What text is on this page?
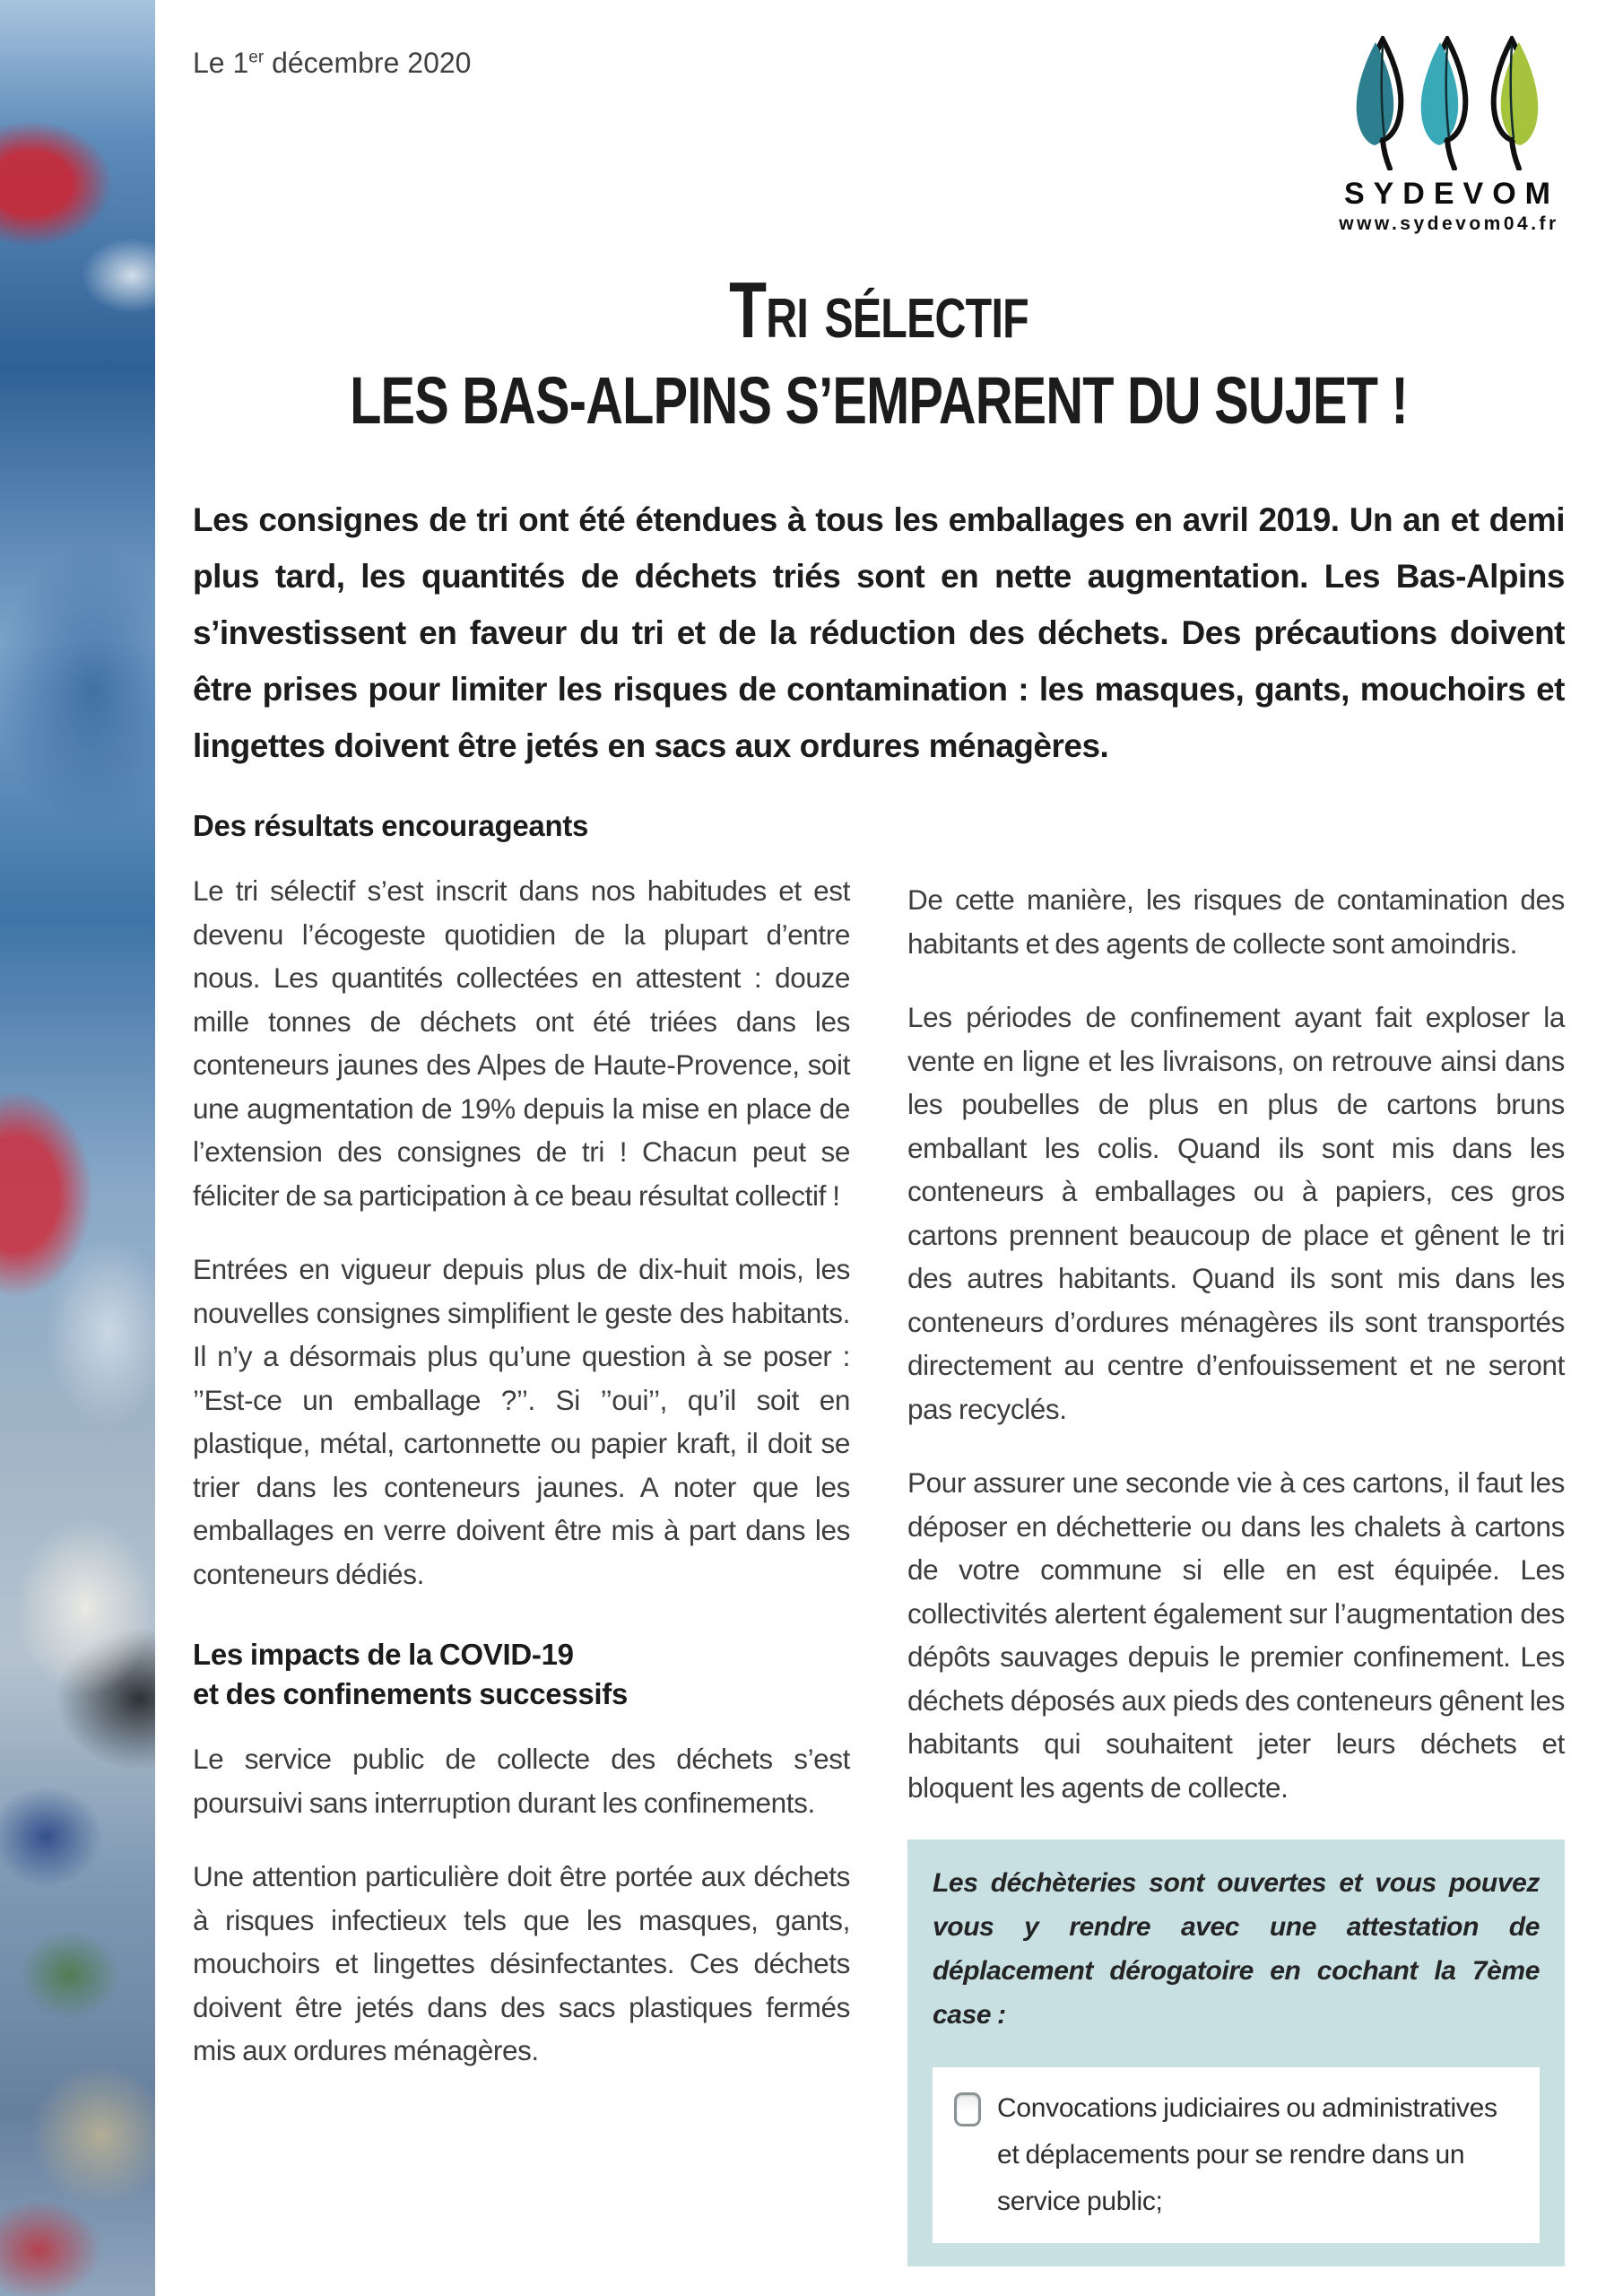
Le 1er décembre 2020
SYDEVOM
www.sydevom04.fr
Tri sélectif
LES BAS-ALPINS S’EMPARENT DU SUJET !

Les consignes de tri ont été étendues à tous les emballages en avril 2019. Un an et demi plus tard, les quantités de déchets triés sont en nette augmentation. Les Bas-Alpins s’investissent en faveur du tri et de la réduction des déchets. Des précautions doivent être prises pour limiter les risques de contamination : les masques, gants, mouchoirs et lingettes doivent être jetés en sacs aux ordures ménagères.

Des résultats encourageants

Le tri sélectif s’est inscrit dans nos habitudes et est devenu l’écogeste quotidien de la plupart d’entre nous. Les quantités collectées en attestent : douze mille tonnes de déchets ont été triées dans les conteneurs jaunes des Alpes de Haute-Provence, soit une augmentation de 19% depuis la mise en place de l’extension des consignes de tri ! Chacun peut se féliciter de sa participation à ce beau résultat collectif !

Entrées en vigueur depuis plus de dix-huit mois, les nouvelles consignes simplifient le geste des habitants. Il n’y a désormais plus qu’une question à se poser : ’’Est-ce un emballage ?’’. Si ’’oui’’, qu’il soit en plastique, métal, cartonnette ou papier kraft, il doit se trier dans les conteneurs jaunes. A noter que les emballages en verre doivent être mis à part dans les conteneurs dédiés.

Les impacts de la COVID-19
et des confinements successifs

Le service public de collecte des déchets s’est poursuivi sans interruption durant les confinements.

Une attention particulière doit être portée aux déchets à risques infectieux tels que les masques, gants, mouchoirs et lingettes désinfectantes. Ces déchets doivent être jetés dans des sacs plastiques fermés mis aux ordures ménagères.

De cette manière, les risques de contamination des habitants et des agents de collecte sont amoindris.

Les périodes de confinement ayant fait exploser la vente en ligne et les livraisons, on retrouve ainsi dans les poubelles de plus en plus de cartons bruns emballant les colis. Quand ils sont mis dans les conteneurs à emballages ou à papiers, ces gros cartons prennent beaucoup de place et gênent le tri des autres habitants. Quand ils sont mis dans les conteneurs d’ordures ménagères ils sont transportés directement au centre d’enfouissement et ne seront pas recyclés.

Pour assurer une seconde vie à ces cartons, il faut les déposer en déchetterie ou dans les chalets à cartons de votre commune si elle en est équipée. Les collectivités alertent également sur l’augmentation des dépôts sauvages depuis le premier confinement. Les déchets déposés aux pieds des conteneurs gênent les habitants qui souhaitent jeter leurs déchets et bloquent les agents de collecte.

Les déchèteries sont ouvertes et vous pouvez vous y rendre avec une attestation de déplacement dérogatoire en cochant la 7ème case :

Convocations judiciaires ou administratives et déplacements pour se rendre dans un service public;
